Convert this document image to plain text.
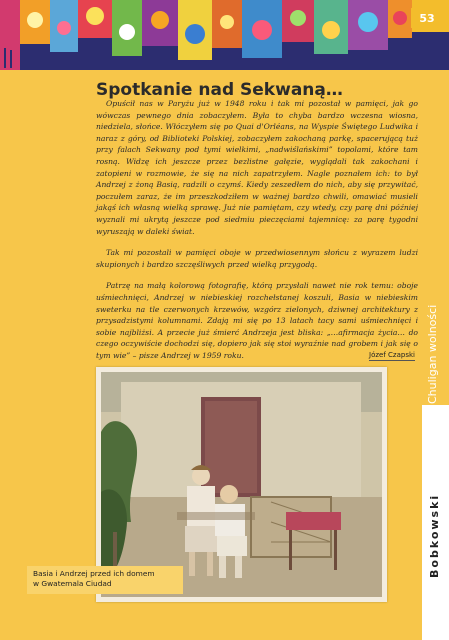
53
Spotkanie nad Sekwaną…

Opuścił nas w Paryżu już w 1948 roku i tak mi pozostał w pamięci, jak go wówczas pewnego dnia zobaczyłem. Była to chyba bardzo wczesna wiosna, niedziela, słońce. Włóczyłem się po Quai d'Orléans, na Wyspie Świętego Ludwika i naraz z góry, od Biblioteki Polskiej, zobaczyłem zakochaną parkę, spacerującą tuż przy falach Sekwany pod tymi wielkimi, „nadwiślańskimi” topolami, które tam rosną. Widzę ich jeszcze przez bezlistne gałęzie, wyglądali tak zakochani i zatopieni w rozmowie, że się na nich zapatrzyłem. Nagle poznałem ich: to był Andrzej z żoną Basią, radzili o czymś. Kiedy zeszedłem do nich, aby się przywitać, poczułem zaraz, że im przeszkodziłem w ważnej bardzo chwili, omawiać musieli jakąś ich własną wielką sprawę. Już nie pamiętam, czy wtedy, czy parę dni później wyznali mi ukrytą jeszcze pod siedmiu pieczęciami tajemnicę: za parę tygodni wyruszają w daleki świat.

Tak mi pozostali w pamięci oboje w przedwiosennym słońcu z wyrazem ludzi skupionych i bardzo szczęśliwych przed wielką przygodą.

Patrzę na małą kolorową fotografię, którą przysłali nawet nie rok temu: oboje uśmiechnięci, Andrzej w niebieskiej rozchełstanej koszuli, Basia w niebieskim sweterku na tle czerwonych krzewów, wzgórz zielonych, dziwnej architektury z przysadzistymi kolumnami. Zdają mi się po 13 latach tacy sami uśmiechnięci i sobie najbliżsi. A przecie już śmierć Andrzeja jest bliska: „…afirmacja życia… do czego oczywiście dochodzi się, dopiero jak się stoi wyraźnie nad grobem i jak się o tym wie” – pisze Andrzej w 1959 roku.	Józef Czapski
Basia i Andrzej przed ich domem
w Gwatemala Ciudad
Chuligan wolności
Bobkowski
